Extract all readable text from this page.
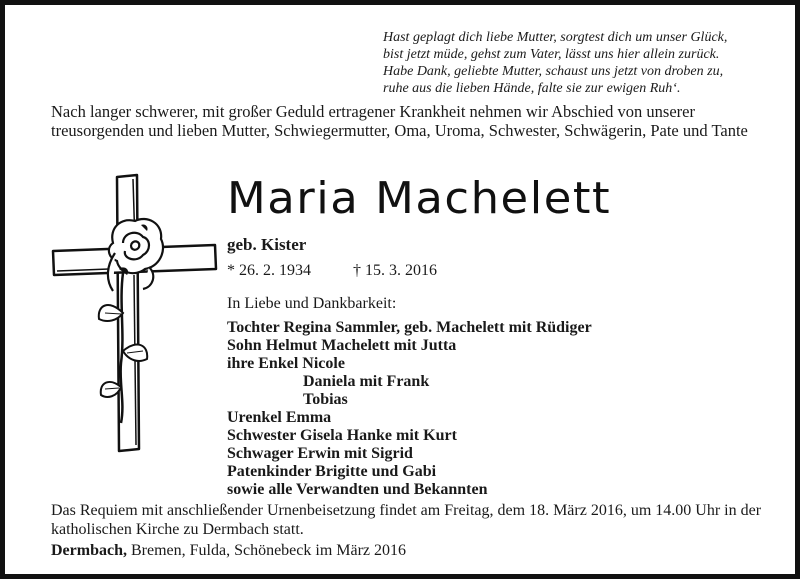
Hast geplagt dich liebe Mutter, sorgtest dich um unser Glück,
bist jetzt müde, gehst zum Vater, lässt uns hier allein zurück.
Habe Dank, geliebte Mutter, schaust uns jetzt von droben zu,
ruhe aus die lieben Hände, falte sie zur ewigen Ruh‘.
Nach langer schwerer, mit großer Geduld ertragener Krankheit nehmen wir Abschied von unserer treusorgenden und lieben Mutter, Schwiegermutter, Oma, Uroma, Schwester, Schwägerin, Pate und Tante
Maria Machelett
geb. Kister
* 26. 2. 1934	† 15. 3. 2016
In Liebe und Dankbarkeit:
Tochter Regina Sammler, geb. Machelett mit Rüdiger
Sohn Helmut Machelett mit Jutta
ihre Enkel Nicole
Daniela mit Frank
Tobias
Urenkel Emma
Schwester Gisela Hanke mit Kurt
Schwager Erwin mit Sigrid
Patenkinder Brigitte und Gabi
sowie alle Verwandten und Bekannten
Das Requiem mit anschließender Urnenbeisetzung findet am Freitag, dem 18. März 2016, um 14.00 Uhr in der katholischen Kirche zu Dermbach statt.
Dermbach, Bremen, Fulda, Schönebeck im März 2016
